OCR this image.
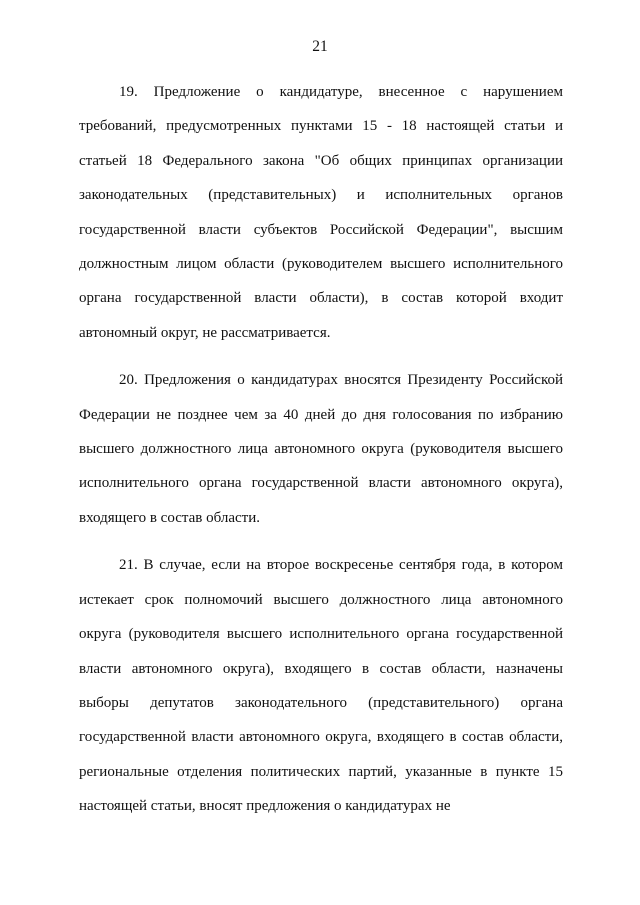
21

19. Предложение о кандидатуре, внесенное с нарушением требований, предусмотренных пунктами 15 - 18 настоящей статьи и статьей 18 Федерального закона "Об общих принципах организации законодательных (представительных) и исполнительных органов государственной власти субъектов Российской Федерации", высшим должностным лицом области (руководителем высшего исполнительного органа государственной власти области), в состав которой входит автономный округ, не рассматривается.

20. Предложения о кандидатурах вносятся Президенту Российской Федерации не позднее чем за 40 дней до дня голосования по избранию высшего должностного лица автономного округа (руководителя высшего исполнительного органа государственной власти автономного округа), входящего в состав области.

21. В случае, если на второе воскресенье сентября года, в котором истекает срок полномочий высшего должностного лица автономного округа (руководителя высшего исполнительного органа государственной власти автономного округа), входящего в состав области, назначены выборы депутатов законодательного (представительного) органа государственной власти автономного округа, входящего в состав области, региональные отделения политических партий, указанные в пункте 15 настоящей статьи, вносят предложения о кандидатурах не
